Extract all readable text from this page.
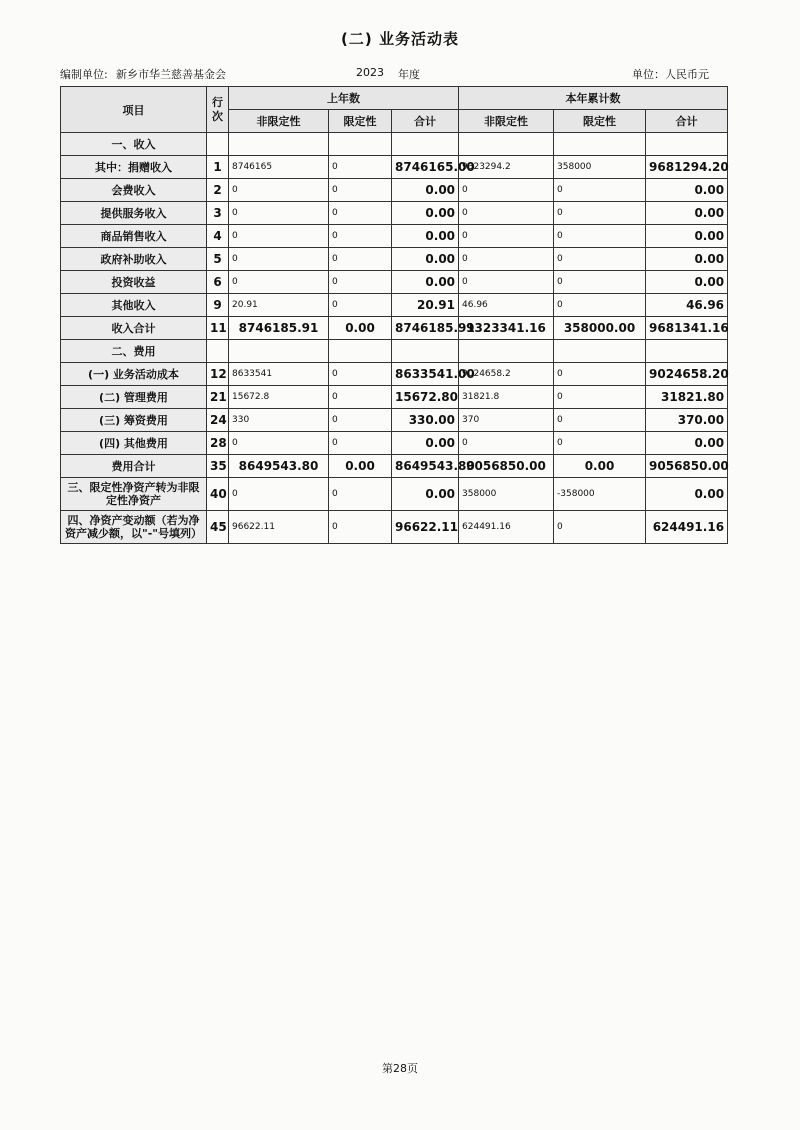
(二) 业务活动表
编制单位: 新乡市华兰慈善基金会	2023 年度	单位：人民币元
项目	行次	上年数			本年累计数		
		非限定性	限定性	合计	非限定性	限定性	合计
一、收入							
其中：捐赠收入	1	8746165	0	8746165.00	9323294.2	358000	9681294.20
会费收入	2	0	0	0.00	0	0	0.00
提供服务收入	3	0	0	0.00	0	0	0.00
商品销售收入	4	0	0	0.00	0	0	0.00
政府补助收入	5	0	0	0.00	0	0	0.00
投资收益	6	0	0	0.00	0	0	0.00
其他收入	9	20.91	0	20.91	46.96	0	46.96
收入合计	11	8746185.91	0.00	8746185.91	9323341.16	358000.00	9681341.16
二、费用							
(一) 业务活动成本	12	8633541	0	8633541.00	9024658.2	0	9024658.20
(二) 管理费用	21	15672.8	0	15672.80	31821.8	0	31821.80
(三) 筹资费用	24	330	0	330.00	370	0	370.00
(四) 其他费用	28	0	0	0.00	0	0	0.00
费用合计	35	8649543.80	0.00	8649543.80	9056850.00	0.00	9056850.00
三、限定性净资产转为非限定性净资产	40	0	0	0.00	358000	-358000	0.00
四、净资产变动额（若为净资产减少额，以"-"号填列）	45	96622.11	0	96622.11	624491.16	0	624491.16
第28页
